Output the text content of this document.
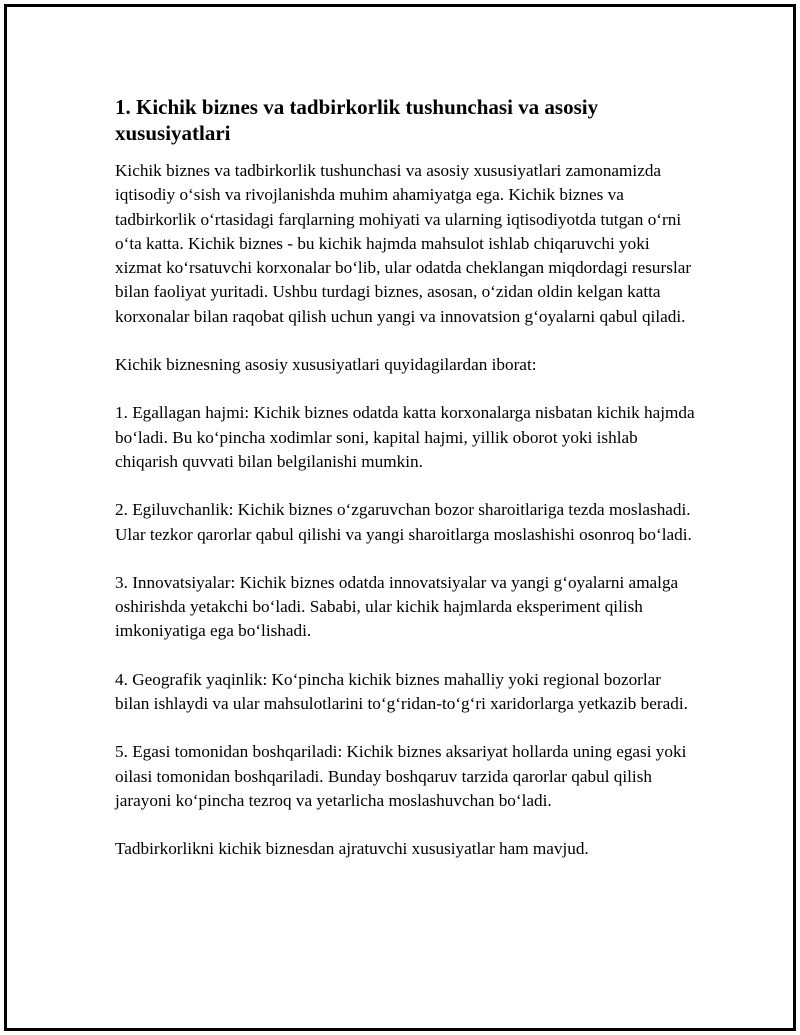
1. Kichik biznes va tadbirkorlik tushunchasi va asosiy xususiyatlari

Kichik biznes va tadbirkorlik tushunchasi va asosiy xususiyatlari zamonamizda iqtisodiy oʻsish va rivojlanishda muhim ahamiyatga ega. Kichik biznes va tadbirkorlik oʻrtasidagi farqlarning mohiyati va ularning iqtisodiyotda tutgan oʻrni oʻta katta. Kichik biznes - bu kichik hajmda mahsulot ishlab chiqaruvchi yoki xizmat koʻrsatuvchi korxonalar boʻlib, ular odatda cheklangan miqdordagi resurslar bilan faoliyat yuritadi. Ushbu turdagi biznes, asosan, oʻzidan oldin kelgan katta korxonalar bilan raqobat qilish uchun yangi va innovatsion gʻoyalarni qabul qiladi.

Kichik biznesning asosiy xususiyatlari quyidagilardan iborat:

1. Egallagan hajmi: Kichik biznes odatda katta korxonalarga nisbatan kichik hajmda boʻladi. Bu koʻpincha xodimlar soni, kapital hajmi, yillik oborot yoki ishlab chiqarish quvvati bilan belgilanishi mumkin.

2. Egiluvchanlik: Kichik biznes oʻzgaruvchan bozor sharoitlariga tezda moslashadi. Ular tezkor qarorlar qabul qilishi va yangi sharoitlarga moslashishi osonroq boʻladi.

3. Innovatsiyalar: Kichik biznes odatda innovatsiyalar va yangi gʻoyalarni amalga oshirishda yetakchi boʻladi. Sababi, ular kichik hajmlarda eksperiment qilish imkoniyatiga ega boʻlishadi.

4. Geografik yaqinlik: Koʻpincha kichik biznes mahalliy yoki regional bozorlar bilan ishlaydi va ular mahsulotlarini toʻgʻridan-toʻgʻri xaridorlarga yetkazib beradi.

5. Egasi tomonidan boshqariladi: Kichik biznes aksariyat hollarda uning egasi yoki oilasi tomonidan boshqariladi. Bunday boshqaruv tarzida qarorlar qabul qilish jarayoni koʻpincha tezroq va yetarlicha moslashuvchan boʻladi.

Tadbirkorlikni kichik biznesdan ajratuvchi xususiyatlar ham mavjud.
